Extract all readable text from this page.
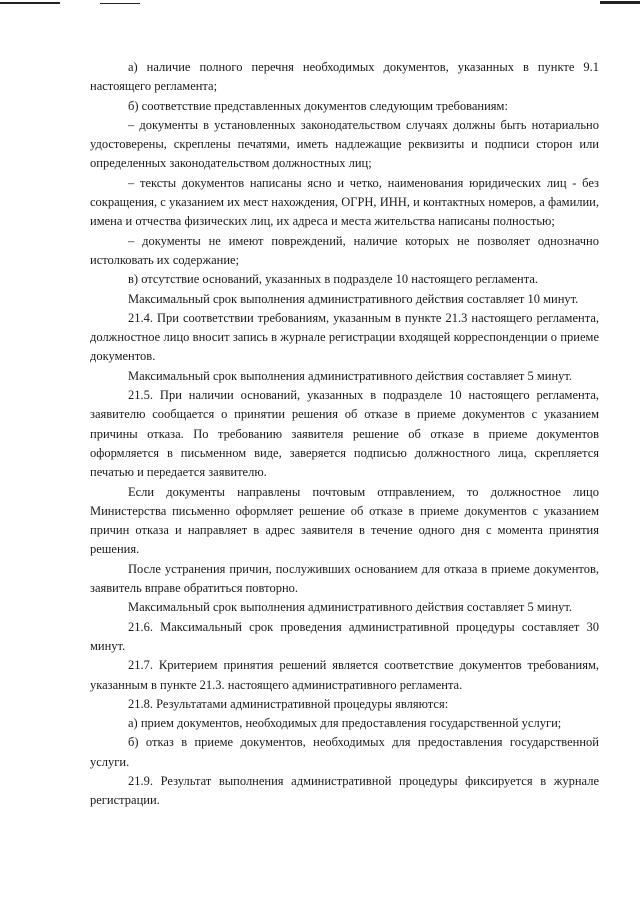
а) наличие полного перечня необходимых документов, указанных в пункте 9.1 настоящего регламента;

б) соответствие представленных документов следующим требованиям:

– документы в установленных законодательством случаях должны быть нотариально удостоверены, скреплены печатями, иметь надлежащие реквизиты и подписи сторон или определенных законодательством должностных лиц;

– тексты документов написаны ясно и четко, наименования юридических лиц - без сокращения, с указанием их мест нахождения, ОГРН, ИНН, и контактных номеров, а фамилии, имена и отчества физических лиц, их адреса и места жительства написаны полностью;

– документы не имеют повреждений, наличие которых не позволяет однозначно истолковать их содержание;

в) отсутствие оснований, указанных в подразделе 10 настоящего регламента.

Максимальный срок выполнения административного действия составляет 10 минут.

21.4. При соответствии требованиям, указанным в пункте 21.3 настоящего регламента, должностное лицо вносит запись в журнале регистрации входящей корреспонденции о приеме документов.

Максимальный срок выполнения административного действия составляет 5 минут.

21.5. При наличии оснований, указанных в подразделе 10 настоящего регламента, заявителю сообщается о принятии решения об отказе в приеме документов с указанием причины отказа. По требованию заявителя решение об отказе в приеме документов оформляется в письменном виде, заверяется подписью должностного лица, скрепляется печатью и передается заявителю.

Если документы направлены почтовым отправлением, то должностное лицо Министерства письменно оформляет решение об отказе в приеме документов с указанием причин отказа и направляет в адрес заявителя в течение одного дня с момента принятия решения.

После устранения причин, послуживших основанием для отказа в приеме документов, заявитель вправе обратиться повторно.

Максимальный срок выполнения административного действия составляет 5 минут.

21.6. Максимальный срок проведения административной процедуры составляет 30 минут.

21.7. Критерием принятия решений является соответствие документов требованиям, указанным в пункте 21.3. настоящего административного регламента.

21.8. Результатами административной процедуры являются:

а) прием документов, необходимых для предоставления государственной услуги;

б) отказ в приеме документов, необходимых для предоставления государственной услуги.

21.9. Результат выполнения административной процедуры фиксируется в журнале регистрации.
